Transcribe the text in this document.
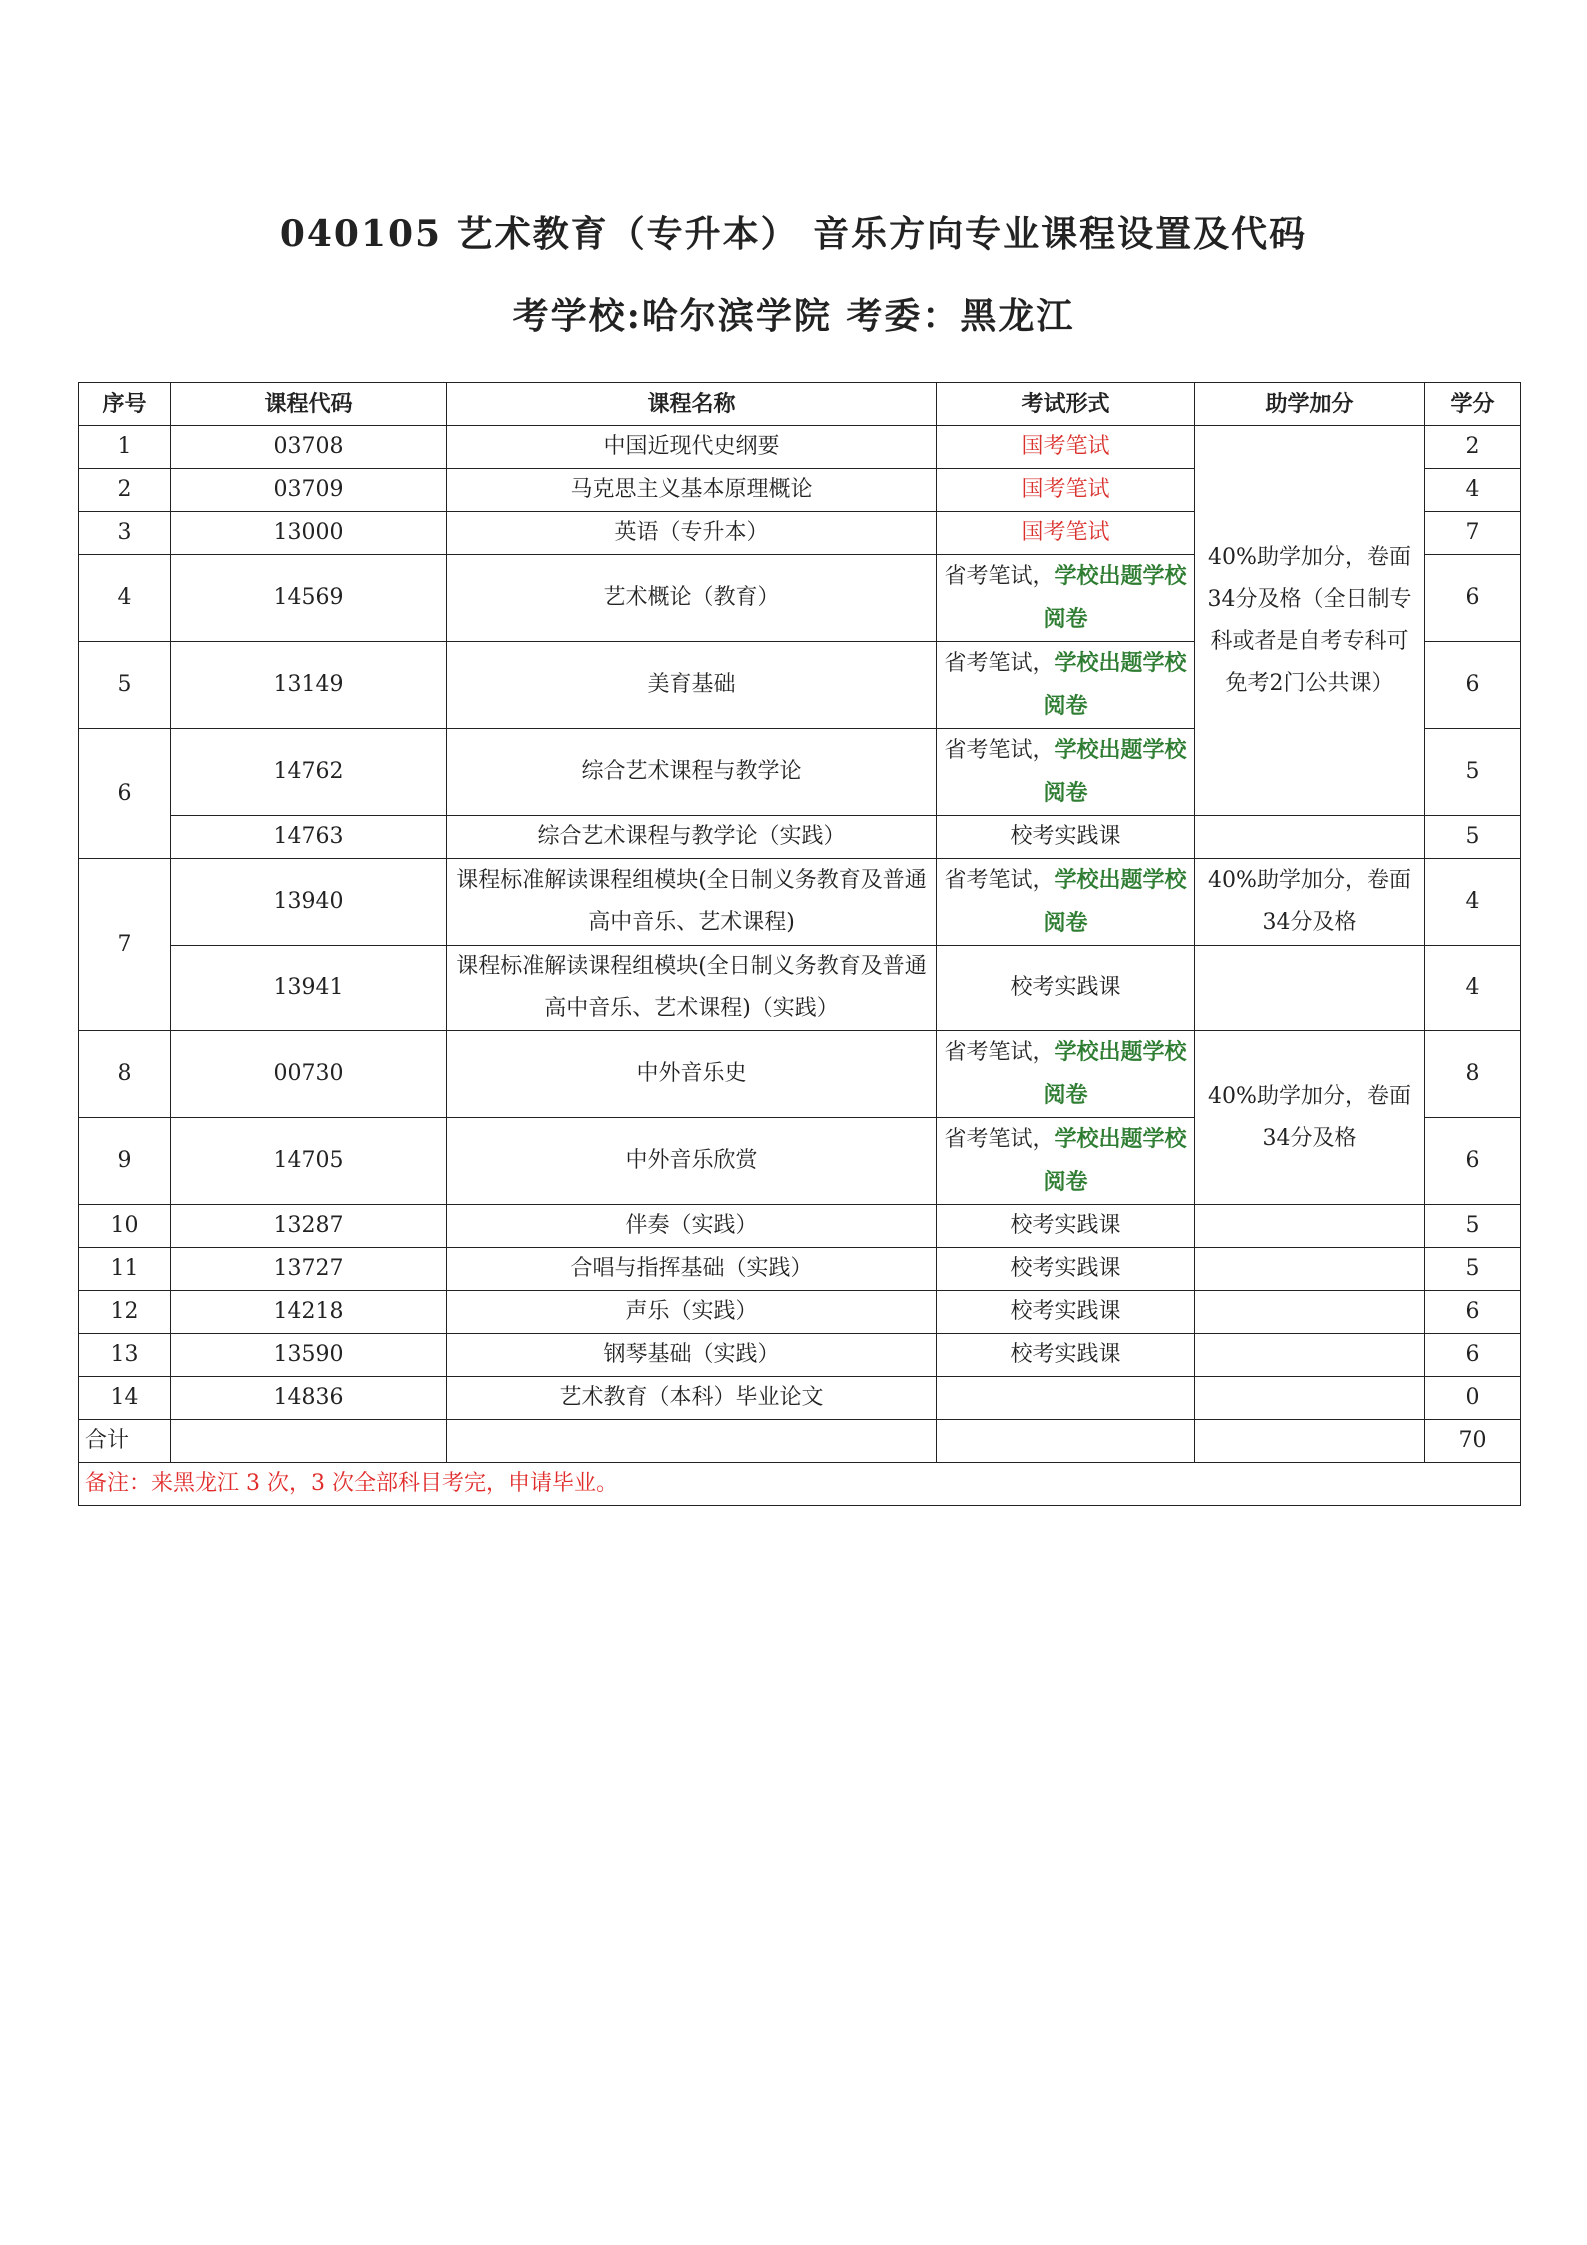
040105 艺术教育（专升本） 音乐方向专业课程设置及代码
考学校:哈尔滨学院 考委：黑龙江
序号	课程代码	课程名称	考试形式	助学加分	学分
1	03708	中国近现代史纲要	国考笔试	40%助学加分，卷面34分及格（全日制专科或者是自考专科可免考2门公共课）	2
2	03709	马克思主义基本原理概论	国考笔试		4
3	13000	英语（专升本）	国考笔试		7
4	14569	艺术概论（教育）	省考笔试，学校出题学校阅卷		6
5	13149	美育基础	省考笔试，学校出题学校阅卷		6
6	14762	综合艺术课程与教学论	省考笔试，学校出题学校阅卷		5
	14763	综合艺术课程与教学论（实践）	校考实践课		5
7	13940	课程标准解读课程组模块(全日制义务教育及普通高中音乐、艺术课程)	省考笔试，学校出题学校阅卷	40%助学加分，卷面34分及格	4
	13941	课程标准解读课程组模块(全日制义务教育及普通高中音乐、艺术课程)（实践）	校考实践课		4
8	00730	中外音乐史	省考笔试，学校出题学校阅卷	40%助学加分，卷面34分及格	8
9	14705	中外音乐欣赏	省考笔试，学校出题学校阅卷		6
10	13287	伴奏（实践）	校考实践课		5
11	13727	合唱与指挥基础（实践）	校考实践课		5
12	14218	声乐（实践）	校考实践课		6
13	13590	钢琴基础（实践）	校考实践课		6
14	14836	艺术教育（本科）毕业论文			0
合计					70
备注：来黑龙江 3 次，3 次全部科目考完，申请毕业。					
